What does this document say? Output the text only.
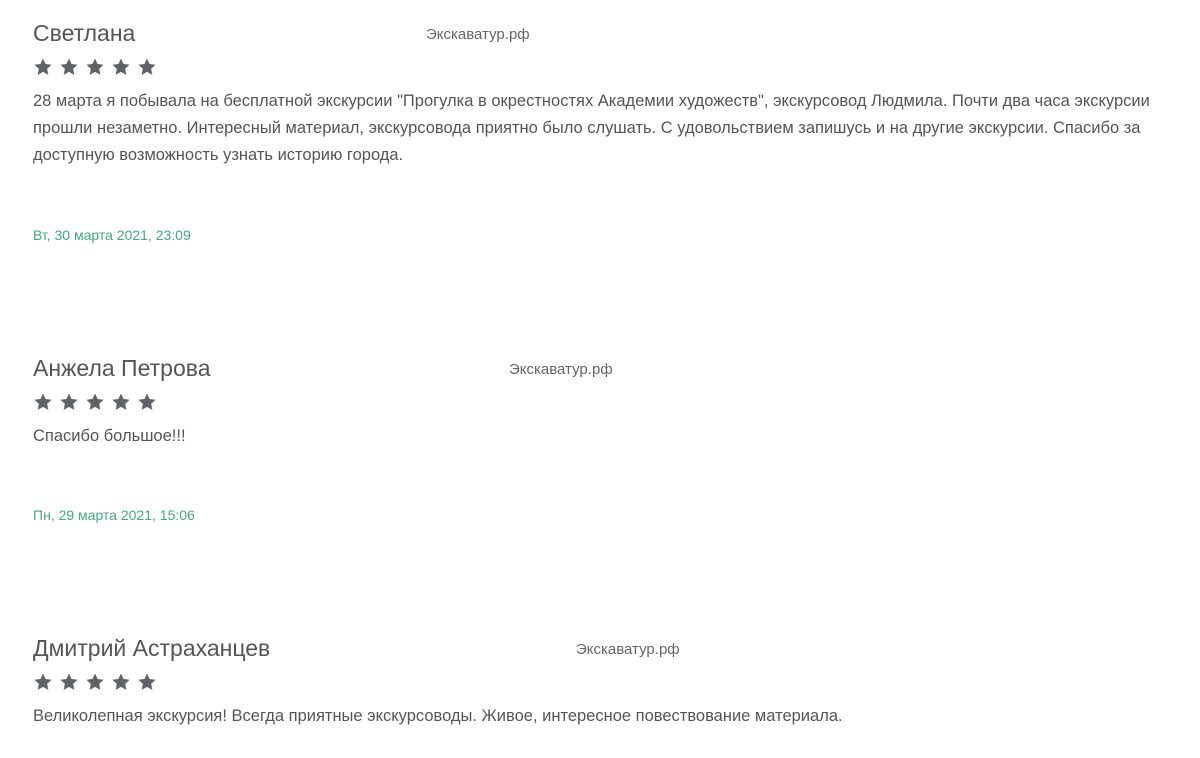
Светлана	Экскаватур.рф
28 марта я побывала на бесплатной экскурсии "Прогулка в окрестностях Академии художеств", экскурсовод Людмила. Почти два часа экскурсии прошли незаметно. Интересный материал, экскурсовода приятно было слушать. С удовольствием запишусь и на другие экскурсии. Спасибо за доступную возможность узнать историю города.
Вт, 30 марта 2021, 23:09
Анжела Петрова	Экскаватур.рф
Спасибо большое!!!
Пн, 29 марта 2021, 15:06
Дмитрий Астраханцев	Экскаватур.рф
Великолепная экскурсия! Всегда приятные экскурсоводы. Живое, интересное повествование материала.
